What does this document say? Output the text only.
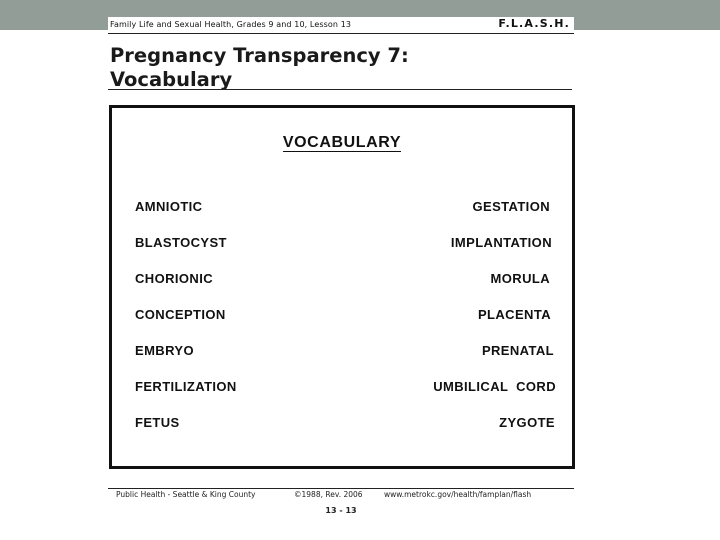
Family Life and Sexual Health, Grades 9 and 10, Lesson 13	F.L.A.S.H.
Pregnancy Transparency 7:
Vocabulary
VOCABULARY
AMNIOTIC
BLASTOCYST
CHORIONIC
CONCEPTION
EMBRYO
FERTILIZATION
FETUS
GESTATION
IMPLANTATION
MORULA
PLACENTA
PRENATAL
UMBILICAL  CORD
ZYGOTE
Public Health - Seattle & King County	©1988, Rev. 2006	www.metrokc.gov/health/famplan/flash
13 - 13
